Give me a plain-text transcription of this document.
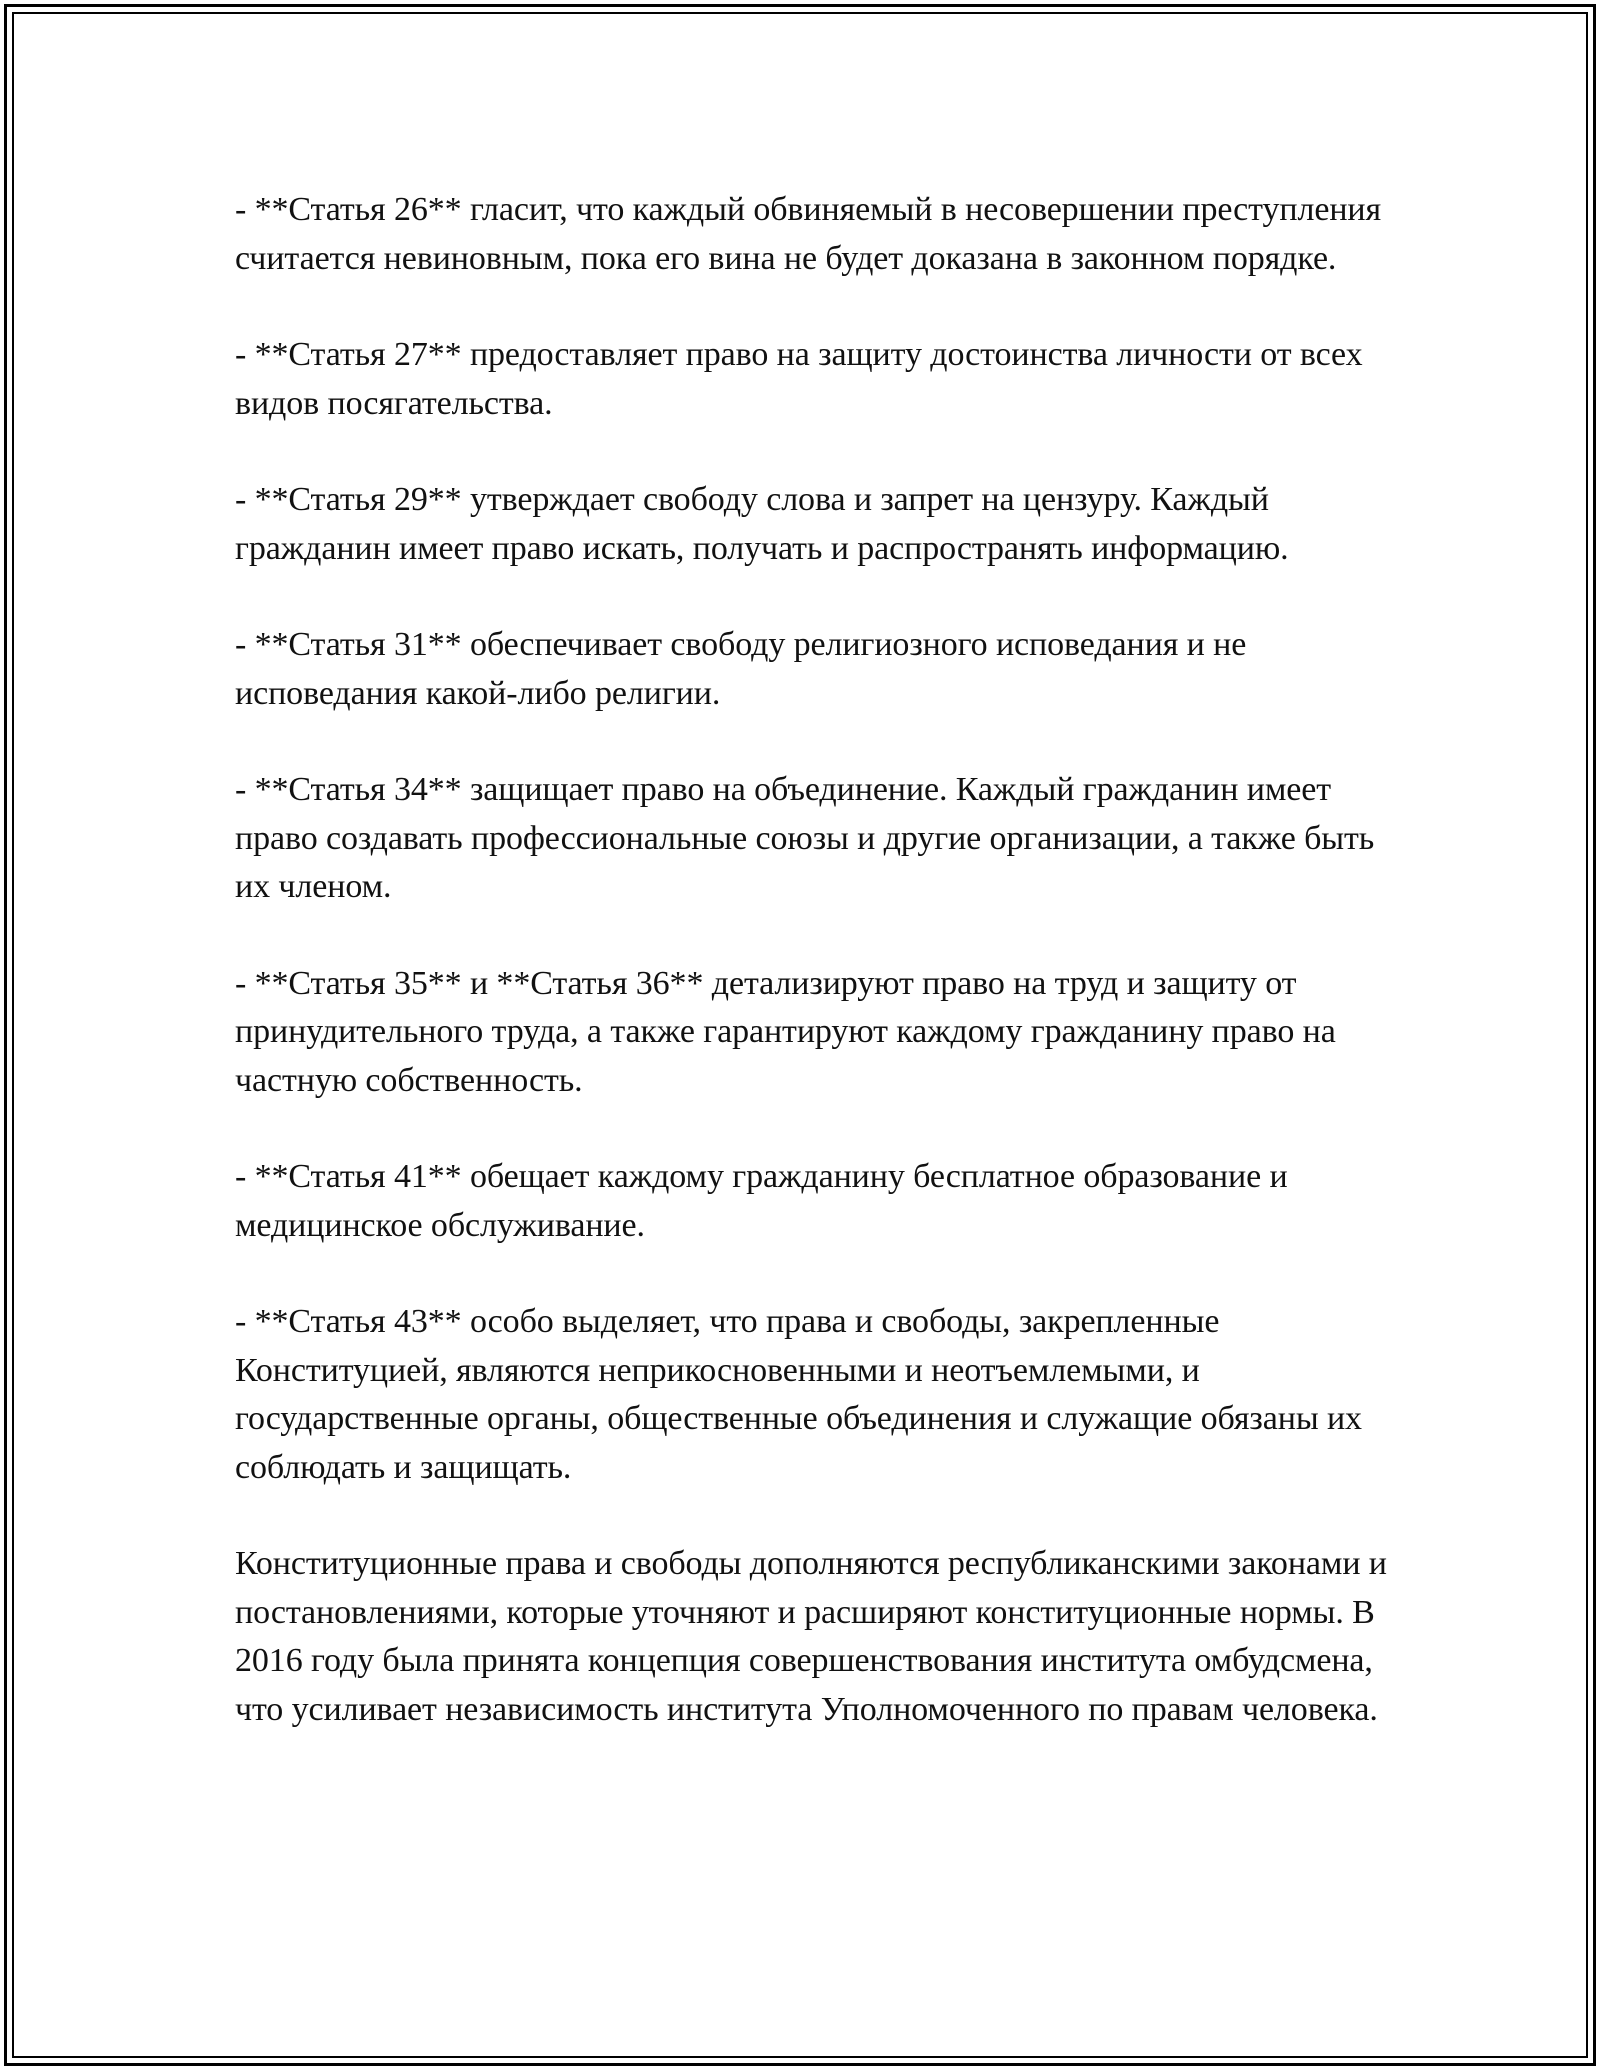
- **Статья 26** гласит, что каждый обвиняемый в несовершении преступления считается невиновным, пока его вина не будет доказана в законном порядке.

- **Статья 27** предоставляет право на защиту достоинства личности от всех видов посягательства.

- **Статья 29** утверждает свободу слова и запрет на цензуру. Каждый гражданин имеет право искать, получать и распространять информацию.

- **Статья 31** обеспечивает свободу религиозного исповедания и не исповедания какой-либо религии.

- **Статья 34** защищает право на объединение. Каждый гражданин имеет право создавать профессиональные союзы и другие организации, а также быть их членом.

- **Статья 35** и **Статья 36** детализируют право на труд и защиту от принудительного труда, а также гарантируют каждому гражданину право на частную собственность.

- **Статья 41** обещает каждому гражданину бесплатное образование и медицинское обслуживание.

- **Статья 43** особо выделяет, что права и свободы, закрепленные Конституцией, являются неприкосновенными и неотъемлемыми, и государственные органы, общественные объединения и служащие обязаны их соблюдать и защищать.

Конституционные права и свободы дополняются республиканскими законами и постановлениями, которые уточняют и расширяют конституционные нормы. В 2016 году была принята концепция совершенствования института омбудсмена, что усиливает независимость института Уполномоченного по правам человека.
